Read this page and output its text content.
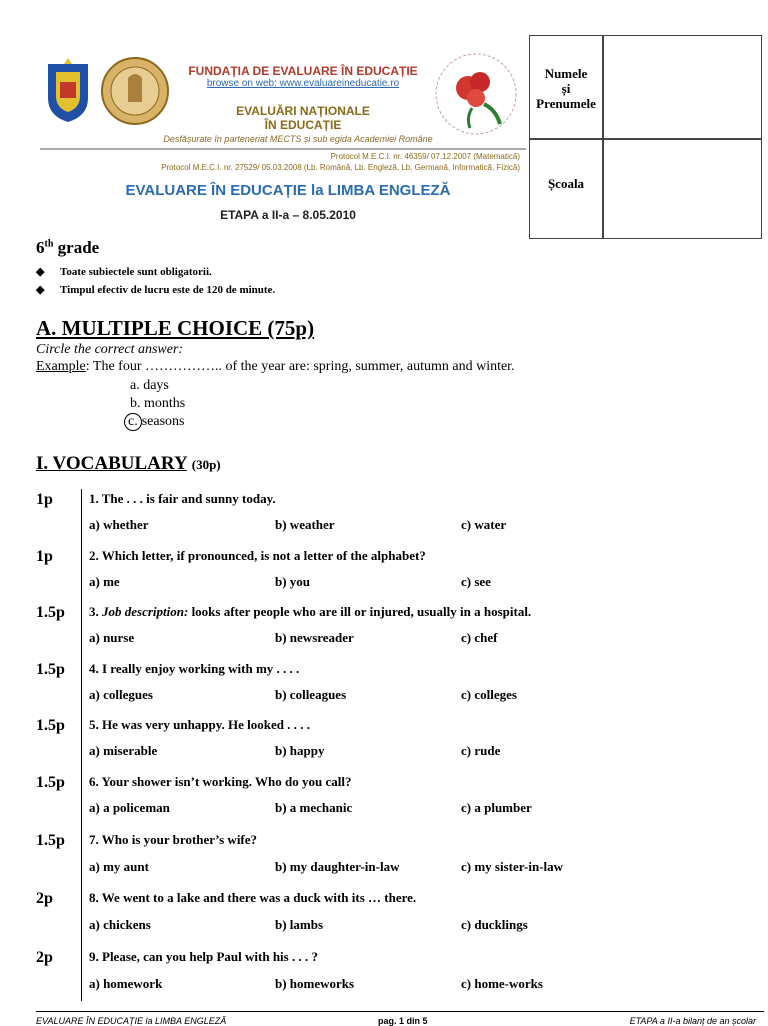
FUNDAȚIA DE EVALUARE ÎN EDUCAȚIE
browse on web: www.evaluareineducatie.ro
EVALUĂRI NAȚIONALE
ÎN EDUCAȚIE
Desfășurate în parteneriat MECTS și sub egida Academiei Române
Protocol M.E.C.I. nr. 46359/ 07.12.2007 (Matematică)
Protocol M.E.C.I. nr. 27529/ 05.03.2008 (Lb. Română, Lb. Engleză, Lb. Germană, Informatică, Fizică)
EVALUARE ÎN EDUCAȚIE la LIMBA ENGLEZĂ
ETAPA a II-a – 8.05.2010
Numele
și
Prenumele
Școala
6th grade
◆ Toate subiectele sunt obligatorii.
◆ Timpul efectiv de lucru este de 120 de minute.
A. MULTIPLE CHOICE (75p)
Circle the correct answer:
Example: The four …………….. of the year are: spring, summer, autumn and winter.
a. days
b. months
c. seasons
I. VOCABULARY (30p)
1p	1. The . . . is fair and sunny today.
a) whether	b) weather	c) water
1p	2. Which letter, if pronounced, is not a letter of the alphabet?
a) me	b) you	c) see
1.5p 3. Job description: looks after people who are ill or injured, usually in a hospital.
a) nurse	b) newsreader	c) chef
1.5p 4. I really enjoy working with my . . . .
a) collegues	b) colleagues	c) colleges
1.5p 5. He was very unhappy. He looked . . . .
a) miserable	b) happy	c) rude
1.5p 6. Your shower isn’t working. Who do you call?
a) a policeman	b) a mechanic	c) a plumber
1.5p 7. Who is your brother’s wife?
a) my aunt	b) my daughter-in-law	c) my sister-in-law
2p	8. We went to a lake and there was a duck with its … there.
a) chickens	b) lambs	c) ducklings
2p	9. Please, can you help Paul with his . . . ?
a) homework	b) homeworks	c) home-works
EVALUARE ÎN EDUCAȚIE la LIMBA ENGLEZĂ	pag. 1 din 5	ETAPA a II-a bilanț de an școlar
